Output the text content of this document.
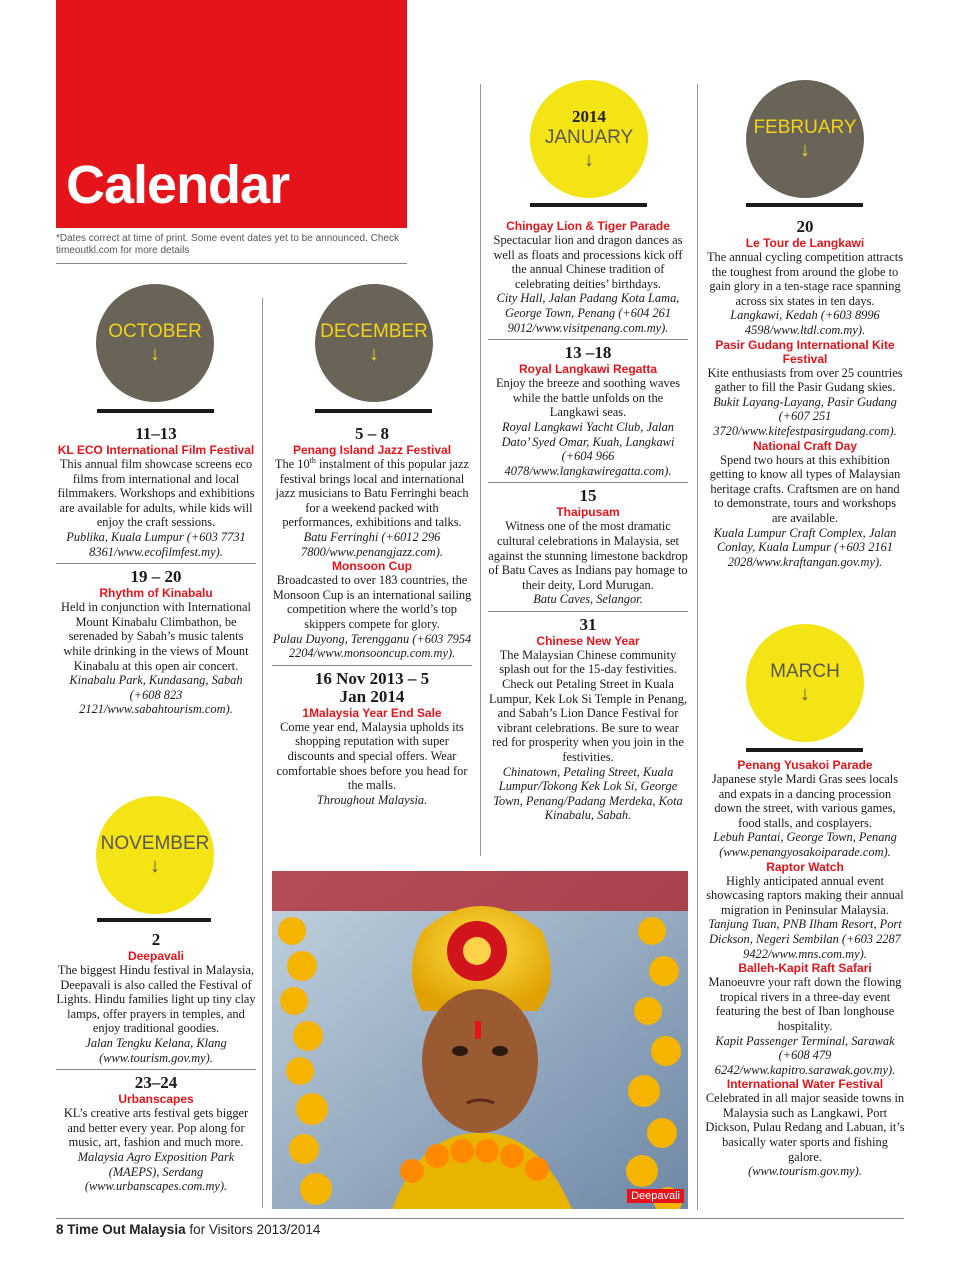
Calendar
*Dates correct at time of print. Some event dates yet to be announced. Check timeoutkl.com for more details
OCTOBER
↓
11–13
KL ECO International Film Festival
This annual film showcase screens eco films from international and local filmmakers. Workshops and exhibitions are available for adults, while kids will enjoy the craft sessions.
Publika, Kuala Lumpur (+603 7731 8361/www.ecofilmfest.my).
19 – 20
Rhythm of Kinabalu
Held in conjunction with International Mount Kinabalu Climbathon, be serenaded by Sabah’s music talents while drinking in the views of Mount Kinabalu at this open air concert.
Kinabalu Park, Kundasang, Sabah (+608 823 2121/www.sabahtourism.com).
NOVEMBER
↓
2
Deepavali
The biggest Hindu festival in Malaysia, Deepavali is also called the Festival of Lights. Hindu families light up tiny clay lamps, offer prayers in temples, and enjoy traditional goodies.
Jalan Tengku Kelana, Klang (www.tourism.gov.my).
23–24
Urbanscapes
KL’s creative arts festival gets bigger and better every year. Pop along for music, art, fashion and much more.
Malaysia Agro Exposition Park (MAEPS), Serdang (www.urbanscapes.com.my).
DECEMBER
↓
5 – 8
Penang Island Jazz Festival
The 10th instalment of this popular jazz festival brings local and international jazz musicians to Batu Ferringhi beach for a weekend packed with performances, exhibitions and talks.
Batu Ferringhi (+6012 296 7800/www.penangjazz.com).
Monsoon Cup
Broadcasted to over 183 countries, the Monsoon Cup is an international sailing competition where the world’s top skippers compete for glory.
Pulau Duyong, Terengganu (+603 7954 2204/www.monsooncup.com.my).
16 Nov 2013 – 5 Jan 2014
1Malaysia Year End Sale
Come year end, Malaysia upholds its shopping reputation with super discounts and special offers. Wear comfortable shoes before you head for the malls.
Throughout Malaysia.
2014
JANUARY
↓
Chingay Lion & Tiger Parade
Spectacular lion and dragon dances as well as floats and processions kick off the annual Chinese tradition of celebrating deities’ birthdays.
City Hall, Jalan Padang Kota Lama, George Town, Penang (+604 261 9012/www.visitpenang.com.my).
13 –18
Royal Langkawi Regatta
Enjoy the breeze and soothing waves while the battle unfolds on the Langkawi seas.
Royal Langkawi Yacht Club, Jalan Dato’ Syed Omar, Kuah, Langkawi (+604 966 4078/www.langkawiregatta.com).
15
Thaipusam
Witness one of the most dramatic cultural celebrations in Malaysia, set against the stunning limestone backdrop of Batu Caves as Indians pay homage to their deity, Lord Murugan.
Batu Caves, Selangor.
31
Chinese New Year
The Malaysian Chinese community splash out for the 15-day festivities. Check out Petaling Street in Kuala Lumpur, Kek Lok Si Temple in Penang, and Sabah’s Lion Dance Festival for vibrant celebrations. Be sure to wear red for prosperity when you join in the festivities.
Chinatown, Petaling Street, Kuala Lumpur/Tokong Kek Lok Si, George Town, Penang/Padang Merdeka, Kota Kinabalu, Sabah.
FEBRUARY
↓
20
Le Tour de Langkawi
The annual cycling competition attracts the toughest from around the globe to gain glory in a ten-stage race spanning across six states in ten days.
Langkawi, Kedah (+603 8996 4598/www.ltdl.com.my).
Pasir Gudang International Kite Festival
Kite enthusiasts from over 25 countries gather to fill the Pasir Gudang skies.
Bukit Layang-Layang, Pasir Gudang (+607 251 3720/www.kitefestpasirgudang.com).
National Craft Day
Spend two hours at this exhibition getting to know all types of Malaysian heritage crafts. Craftsmen are on hand to demonstrate, tours and workshops are available.
Kuala Lumpur Craft Complex, Jalan Conlay, Kuala Lumpur (+603 2161 2028/www.kraftangan.gov.my).
MARCH
↓
Penang Yusakoi Parade
Japanese style Mardi Gras sees locals and expats in a dancing procession down the street, with various games, food stalls, and cosplayers.
Lebuh Pantai, George Town, Penang (www.penangyosakoiparade.com).
Raptor Watch
Highly anticipated annual event showcasing raptors making their annual migration in Peninsular Malaysia.
Tanjung Tuan, PNB Ilham Resort, Port Dickson, Negeri Sembilan (+603 2287 9422/www.mns.com.my).
Balleh-Kapit Raft Safari
Manoeuvre your raft down the flowing tropical rivers in a three-day event featuring the best of Iban longhouse hospitality.
Kapit Passenger Terminal, Sarawak (+608 479 6242/www.kapitro.sarawak.gov.my).
International Water Festival
Celebrated in all major seaside towns in Malaysia such as Langkawi, Port Dickson, Pulau Redang and Labuan, it’s basically water sports and fishing galore.
(www.tourism.gov.my).
Deepavali
8 Time Out Malaysia for Visitors 2013/2014
